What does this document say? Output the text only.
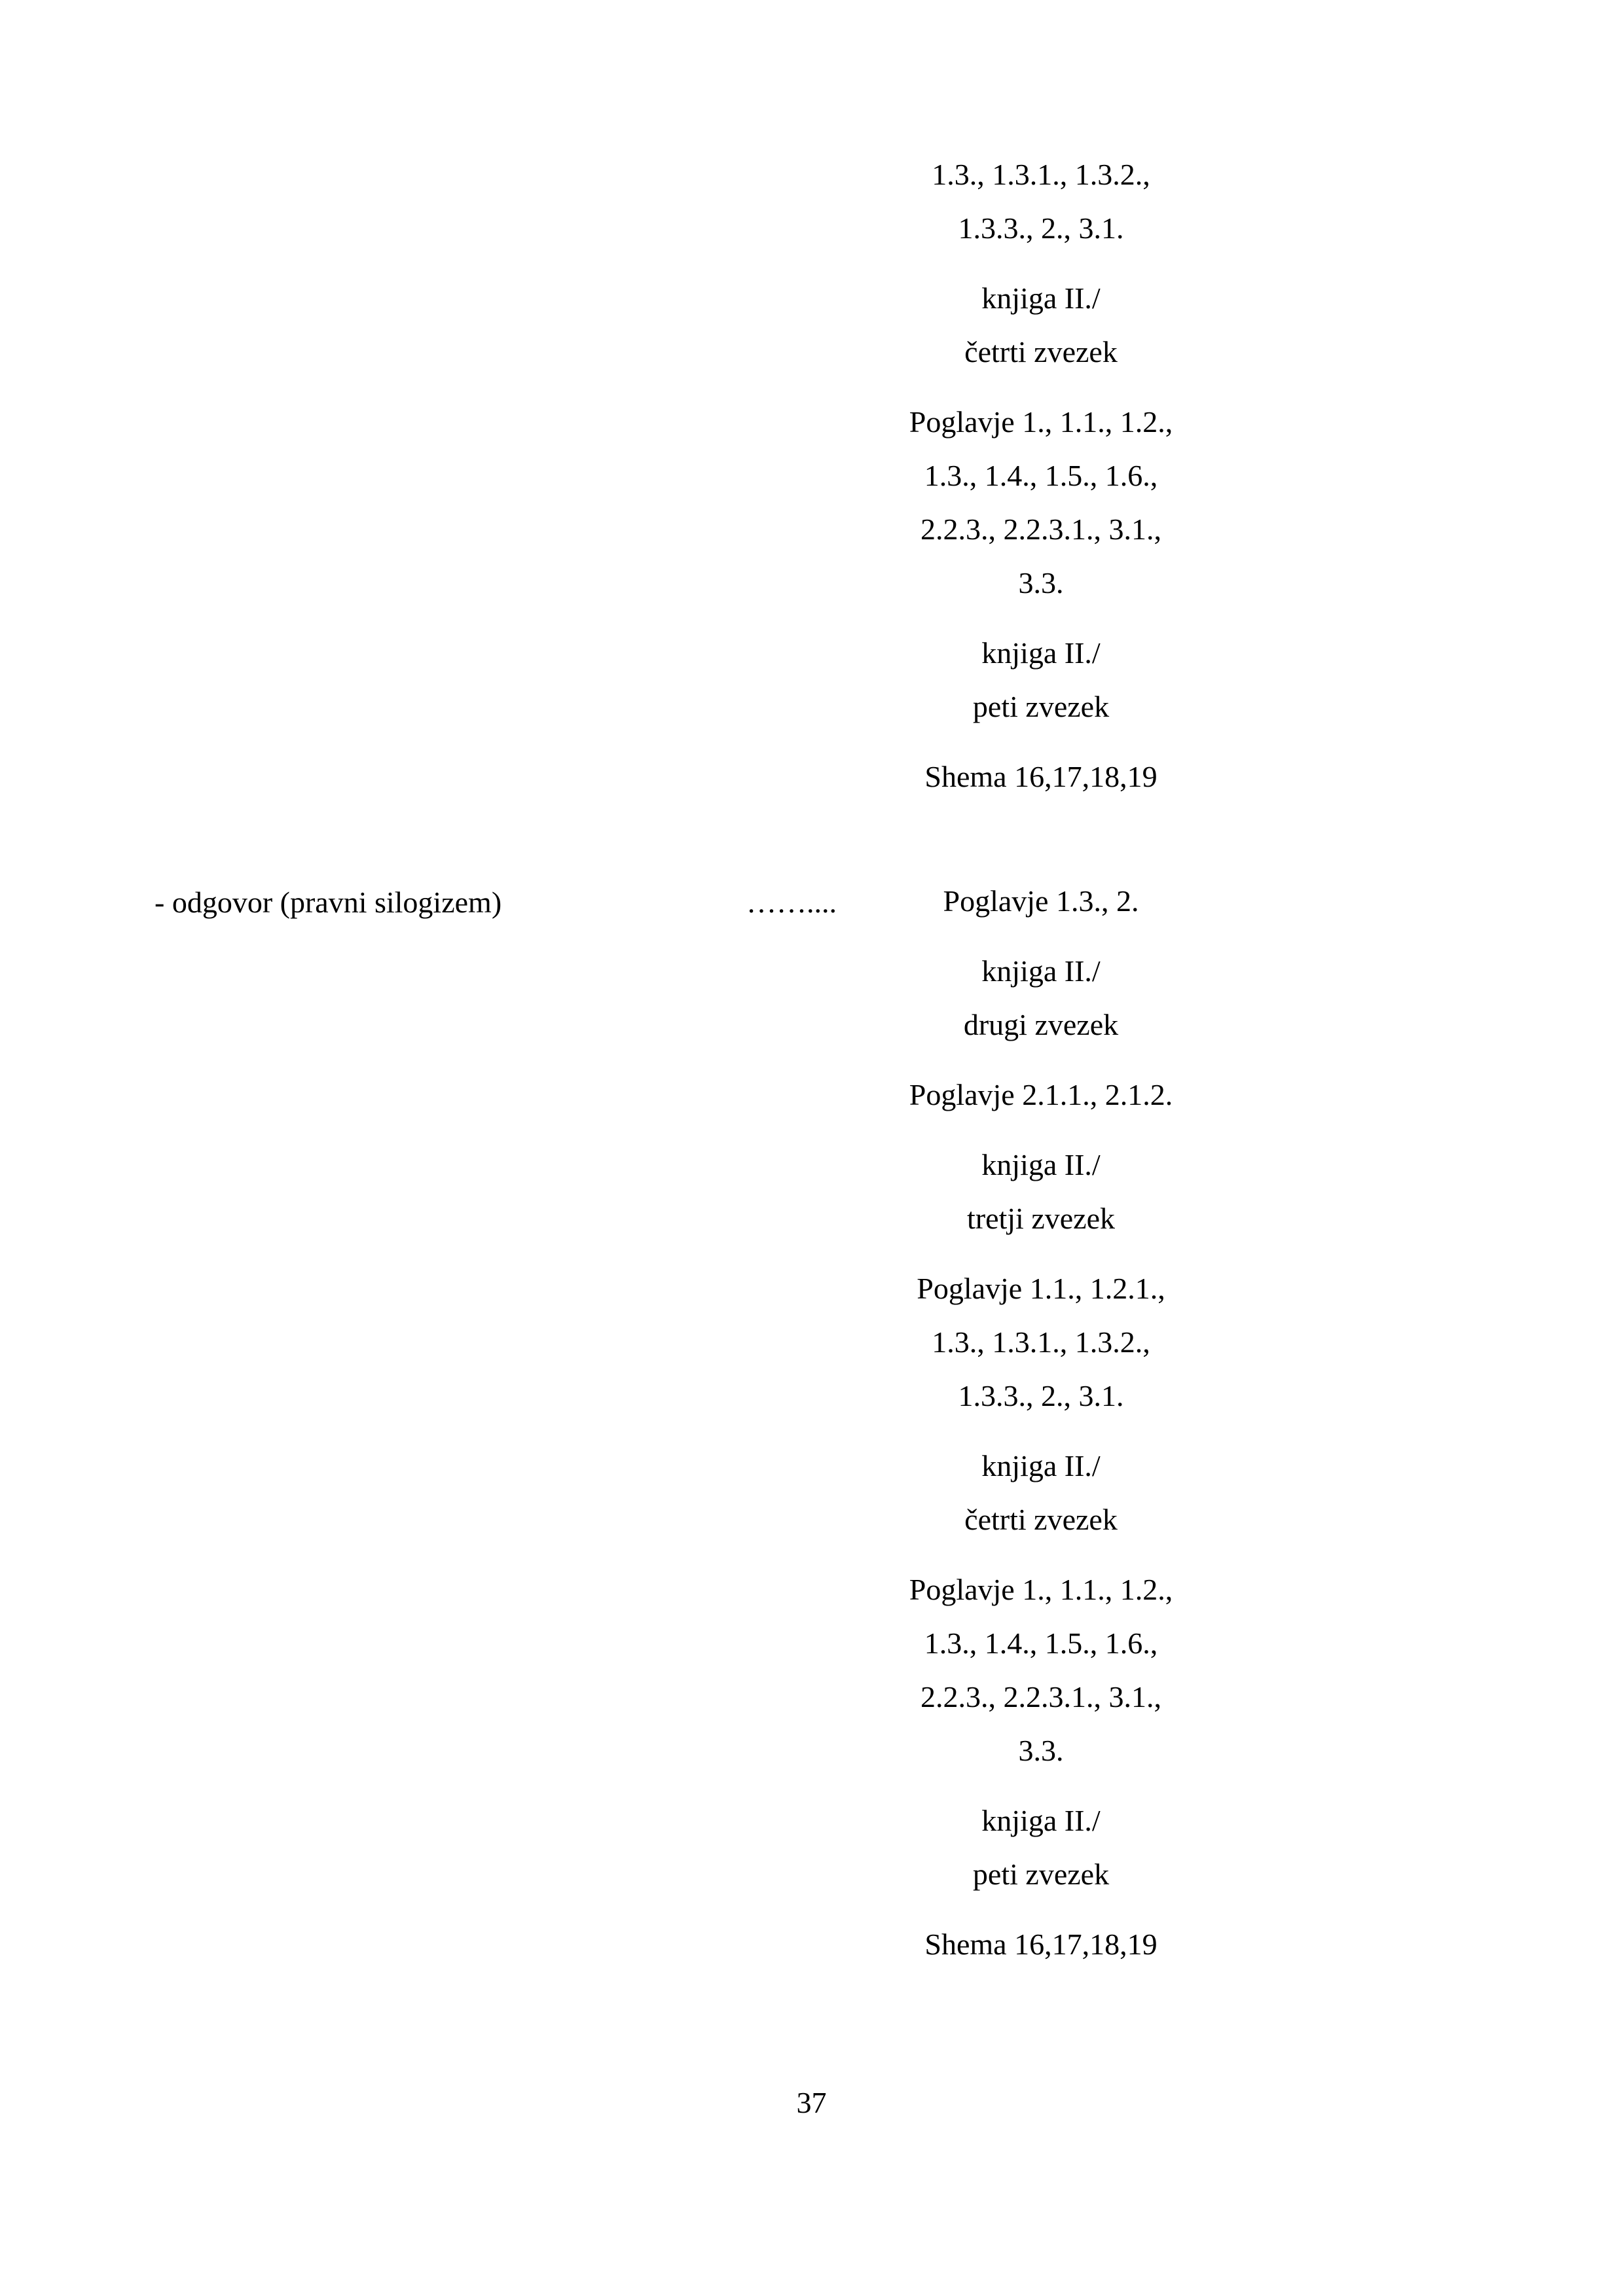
1.3., 1.3.1., 1.3.2.,
1.3.3., 2., 3.1.
knjiga II./
četrti zvezek
Poglavje 1., 1.1., 1.2.,
1.3., 1.4., 1.5., 1.6.,
2.2.3., 2.2.3.1., 3.1.,
3.3.
knjiga II./
peti zvezek
Shema 16,17,18,19
- odgovor (pravni silogizem)	……....	Poglavje 1.3., 2.
knjiga II./
drugi zvezek
Poglavje 2.1.1., 2.1.2.
knjiga II./
tretji zvezek
Poglavje 1.1., 1.2.1.,
1.3., 1.3.1., 1.3.2.,
1.3.3., 2., 3.1.
knjiga II./
četrti zvezek
Poglavje 1., 1.1., 1.2.,
1.3., 1.4., 1.5., 1.6.,
2.2.3., 2.2.3.1., 3.1.,
3.3.
knjiga II./
peti zvezek
Shema 16,17,18,19
37
